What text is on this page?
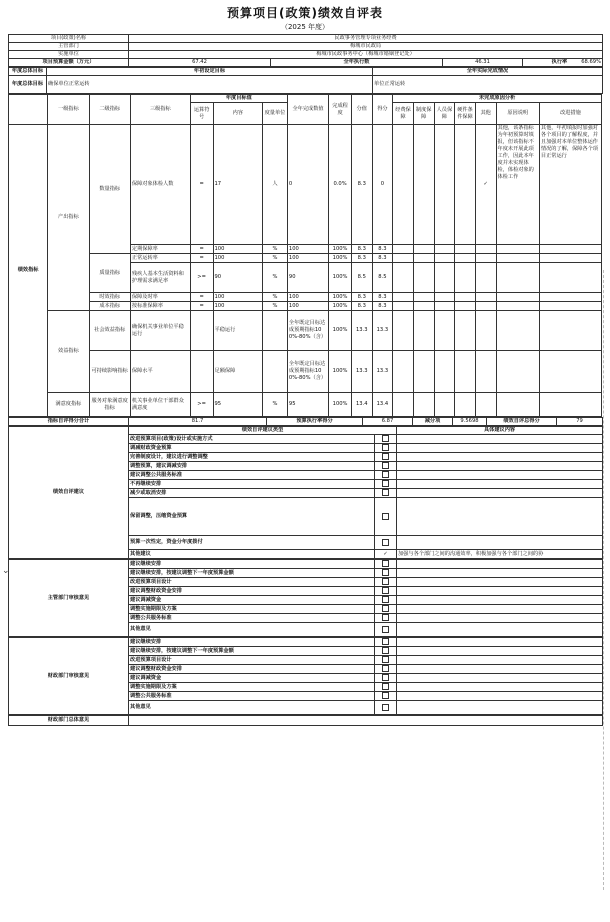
预算项目(政策)绩效自评表
（2025 年度）
项目(政策)名称	民政事务管理专项业务经费			
主管部门	梅城市民政局			
实施单位	梅城市民政事务中心（梅城市婚姻登记处）			
项目预算金额（万元）	67.42	全年执行数	46.31	执行率 68.69%
年度总体目标	年初设定目标	全年实际完成情况
年度总体目标	确保单位正常运转	单位正常运转
	一级指标	二级指标	三级指标	年度目标值			全年完成数值	完成程度	分值	得分	未完成原因分析						
				运算符号	内容	度量单位					经费保障	制度保障	人员保障	硬件条件保障	其他	原因说明	改进措施
绩效指标	产出指标	数量指标	保障对象体检人数	=	17	人	0	0.0%	8.3	0					✓	其他，该条指标为年初预算时填报，但该指标不年度未开展此项工作，因此本年度并未实现体检，体检对象的体检工作	其他，年初填报时加强对各个项目的了解程度，并且加强对本单位整体运作情况的了解，保障各个项目正常运行
			定期保障率	=	100	%	100	100%	8.3	8.3							
		质量指标	正常运转率	=	100	%	100	100%	8.3	8.3							
			残疾人基本生活资料和护理需求满足率	>=	90	%	90	100%	8.5	8.5							
		时效指标	保障及时率	=	100	%	100	100%	8.3	8.3							
		成本指标	按标准保障率	=	100	%	100	100%	8.3	8.3							
	效益指标	社会效益指标	确保机关事业单位平稳运行		平稳运行		全年既定目标达成预期指标100%-80%（含）	100%	13.3	13.3							
		可持续影响指标	保障水平		足额保障		全年既定目标达成预期指标100%-80%（含）	100%	13.3	13.3							
	满意度指标	服务对象满意度指标	机关事业单位干部群众满意度	>=	95	%	95	100%	13.4	13.4							
指标自评得分合计	81.7	预算执行率得分	6.87	减分项	9.5698	绩效自评总得分	79
绩效自评建议	绩效自评建议类型		具体建议内容
	改进预算项目(政策)设计或实施方式		
	调减财政资金预算		
	完善制度设计，建议进行调整调整		
	调整预算，建议调减安排		
	建议调整公共服务标准		
	不再继续安排		
	减少或取消安排		
	保留调整，压缩资金预算		
	预算一次性定，资金分年度拨付		
	其他建议	✓	加强与各个部门之间的沟通效率，积极加强与各个部门之间的协

主管部门审核意见	建议继续安排		
	建议继续安排，按建议调整下一年度预算金额		
	改进预算项目设计		
	建议调整财政资金安排		
	建议调减资金		
	调整实施期限及方案		
	调整公共服务标准		
	其他意见		
财政部门审核意见	建议继续安排		
	建议继续安排，按建议调整下一年度预算金额		
	改进预算项目设计		
	建议调整财政资金安排		
	建议调减资金		
	调整实施期限及方案		
	调整公共服务标准		
	其他意见		
财政部门总体意见	
⌄
